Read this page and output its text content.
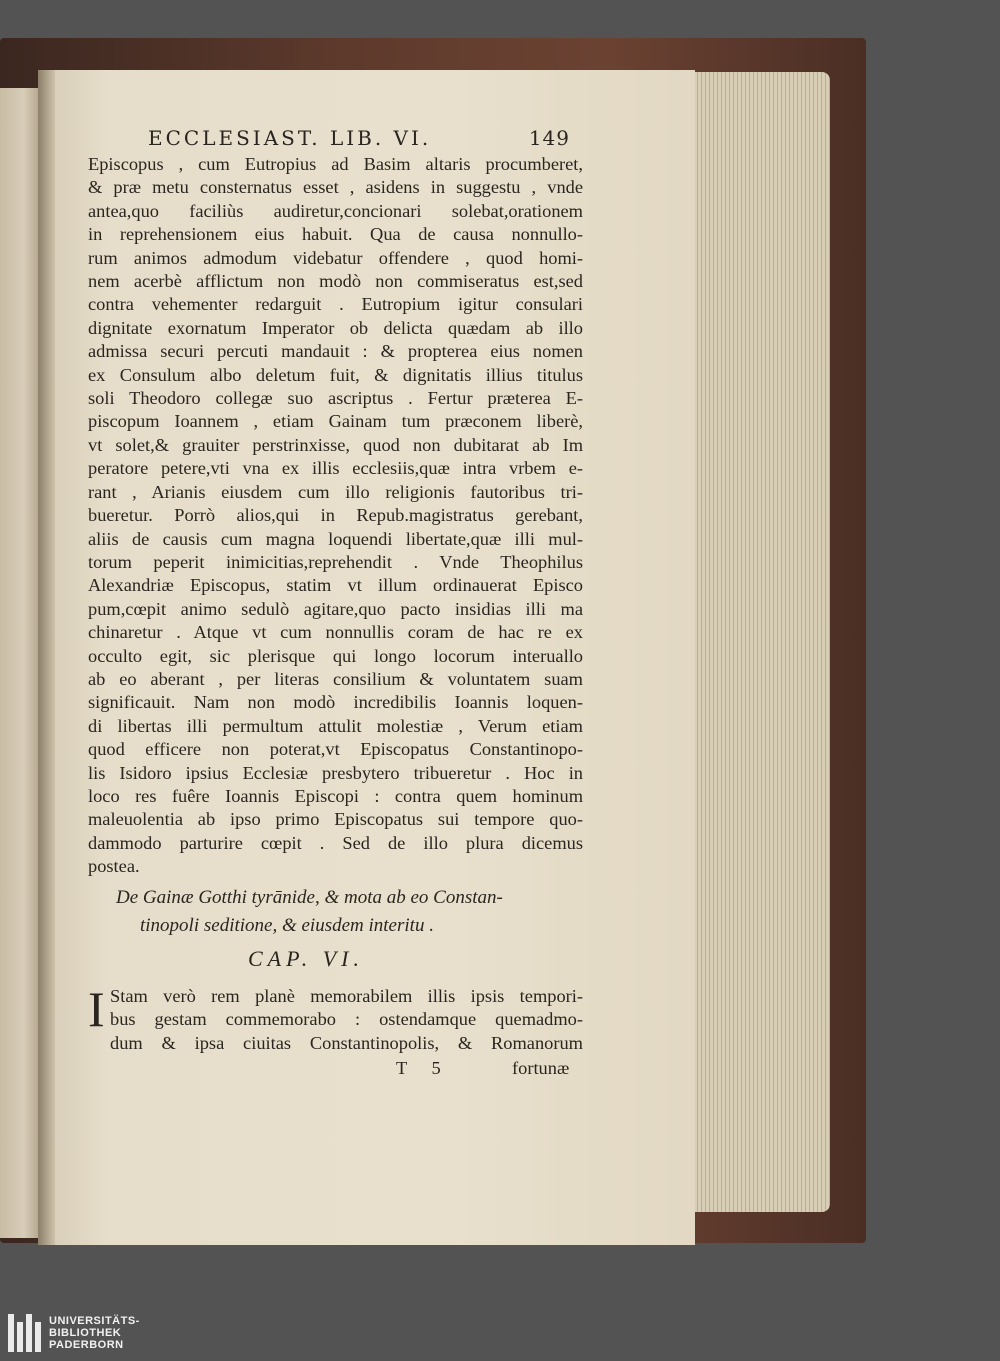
ECCLESIAST. LIB. VI.	149
Episcopus , cum Eutropius ad Basim altaris procumberet,
& præ metu consternatus esset , asidens in suggestu , vnde
antea,quo faciliùs audiretur,concionari solebat,orationem
in reprehensionem eius habuit. Qua de causa nonnullo-
rum animos admodum videbatur offendere , quod homi-
nem acerbè afflictum non modò non commiseratus est,sed
contra vehementer redarguit . Eutropium igitur consulari
dignitate exornatum Imperator ob delicta quædam ab illo
admissa securi percuti mandauit : & propterea eius nomen
ex Consulum albo deletum fuit, & dignitatis illius titulus
soli Theodoro collegæ suo ascriptus . Fertur præterea E-
piscopum Ioannem , etiam Gainam tum præconem liberè,
vt solet,& grauiter perstrinxisse, quod non dubitarat ab Im
peratore petere,vti vna ex illis ecclesiis,quæ intra vrbem e-
rant , Arianis eiusdem cum illo religionis fautoribus tri-
bueretur. Porrò alios,qui in Repub.magistratus gerebant,
aliis de causis cum magna loquendi libertate,quæ illi mul-
torum peperit inimicitias,reprehendit . Vnde Theophilus
Alexandriæ Episcopus, statim vt illum ordinauerat Episco
pum,cœpit animo sedulò agitare,quo pacto insidias illi ma
chinaretur . Atque vt cum nonnullis coram de hac re ex
occulto egit, sic plerisque qui longo locorum interuallo
ab eo aberant , per literas consilium & voluntatem suam
significauit. Nam non modò incredibilis Ioannis loquen-
di libertas illi permultum attulit molestiæ , Verum etiam
quod efficere non poterat,vt Episcopatus Constantinopo-
lis Isidoro ipsius Ecclesiæ presbytero tribueretur . Hoc in
loco res fuêre Ioannis Episcopi : contra quem hominum
maleuolentia ab ipso primo Episcopatus sui tempore quo-
dammodo parturire cœpit . Sed de illo plura dicemus
postea.
De Gainæ Gotthi tyrānide, & mota ab eo Constan-
tinopoli seditione, & eiusdem interitu .
CAP. VI.
I Stam verò rem planè memorabilem illis ipsis tempori-
bus gestam commemorabo : ostendamque quemadmo-
dum & ipsa ciuitas Constantinopolis, & Romanorum
T 5	fortunæ
UNIVERSITÄTS-
BIBLIOTHEK
PADERBORN
